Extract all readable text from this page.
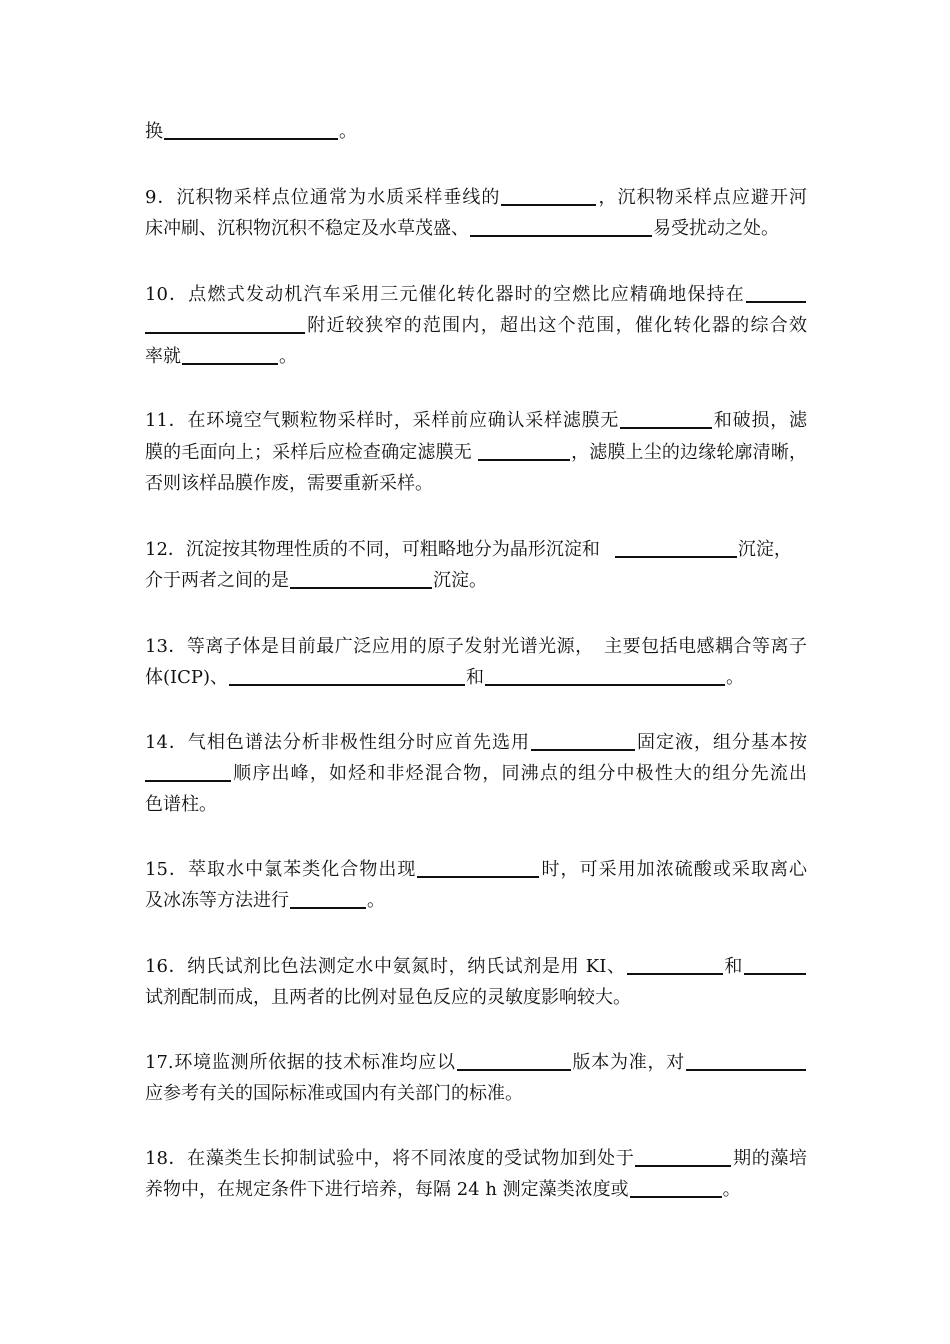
换	。
9．沉积物采样点位通常为水质采样垂线的	，沉积物采样点应避开河
床冲刷、沉积物沉积不稳定及水草茂盛、	易受扰动之处。
10．点燃式发动机汽车采用三元催化转化器时的空燃比应精确地保持在
附近较狭窄的范围内，超出这个范围，催化转化器的综合效
率就	。
11．在环境空气颗粒物采样时，采样前应确认采样滤膜无	和破损，滤
膜的毛面向上；采样后应检查确定滤膜无	，滤膜上尘的边缘轮廓清晰，
否则该样品膜作废，需要重新采样。
12．沉淀按其物理性质的不同，可粗略地分为晶形沉淀和	沉淀，
介于两者之间的是	沉淀。
13．等离子体是目前最广泛应用的原子发射光谱光源， 主要包括电感耦合等离子
体(ICP)、	和	。
14．气相色谱法分析非极性组分时应首先选用	固定液，组分基本按
顺序出峰，如烃和非烃混合物，同沸点的组分中极性大的组分先流出
色谱柱。
15．萃取水中氯苯类化合物出现	时，可采用加浓硫酸或采取离心
及冰冻等方法进行	。
16．纳氏试剂比色法测定水中氨氮时，纳氏试剂是用 KI、	和
试剂配制而成，且两者的比例对显色反应的灵敏度影响较大。
17.环境监测所依据的技术标准均应以	版本为准，对
应参考有关的国际标准或国内有关部门的标准。
18．在藻类生长抑制试验中，将不同浓度的受试物加到处于	期的藻培
养物中，在规定条件下进行培养，每隔 24 h 测定藻类浓度或	。
